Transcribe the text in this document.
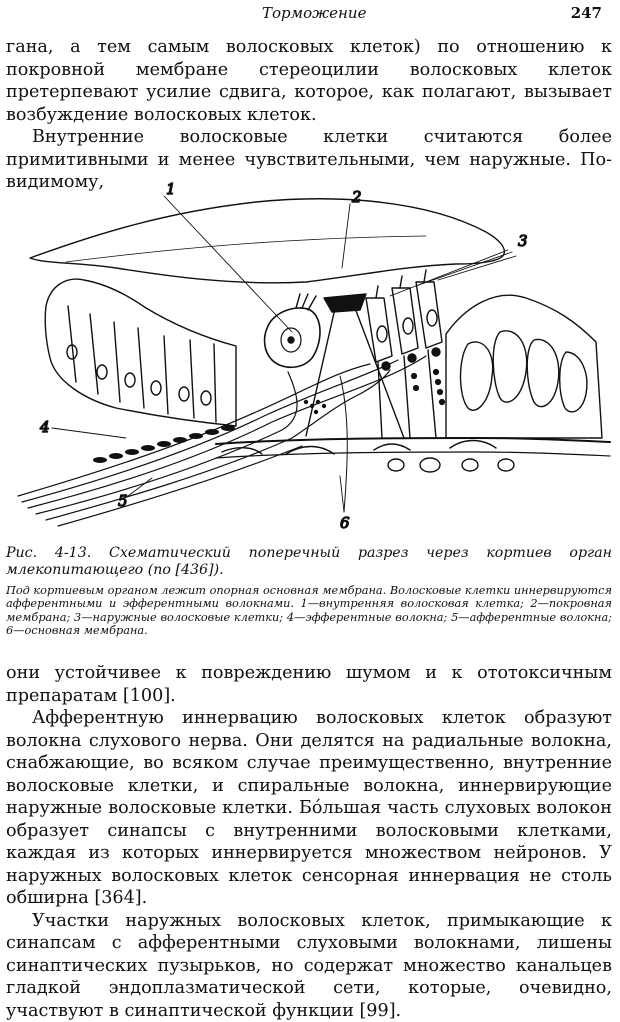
Торможение	247

гана, а тем самым волосковых клеток) по отношению к покровной мембране стереоцилии волосковых клеток претерпевают усилие сдвига, которое, как полагают, вызывает возбуждение волосковых клеток.

Внутренние волосковые клетки считаются более примитивными и менее чувствительными, чем наружные. По-видимому,	1	2
3
4
5
6

Рис. 4-13. Схематический поперечный разрез через кортиев орган млекопитающего (по [436]).

Под кортиевым органом лежит опорная основная мембрана. Волосковые клетки иннервируются афферентными и эфферентными волокнами. 1—внутренняя волосковая клетка; 2—покровная мембрана; 3—наружные волосковые клетки; 4—эфферентные волокна; 5—афферентные волокна; 6—основная мембрана.

они устойчивее к повреждению шумом и к ототоксичным препаратам [100].

Афферентную иннервацию волосковых клеток образуют волокна слухового нерва. Они делятся на радиальные волокна, снабжающие, во всяком случае преимущественно, внутренние волосковые клетки, и спиральные волокна, иннервирующие наружные волосковые клетки. Бóльшая часть слуховых волокон образует синапсы с внутренними волосковыми клетками, каждая из которых иннервируется множеством нейронов. У наружных волосковых клеток сенсорная иннервация не столь обширна [364].

Участки наружных волосковых клеток, примыкающие к синапсам с афферентными слуховыми волокнами, лишены синаптических пузырьков, но содержат множество канальцев гладкой эндоплазматической сети, которые, очевидно, участвуют в синаптической функции [99].
